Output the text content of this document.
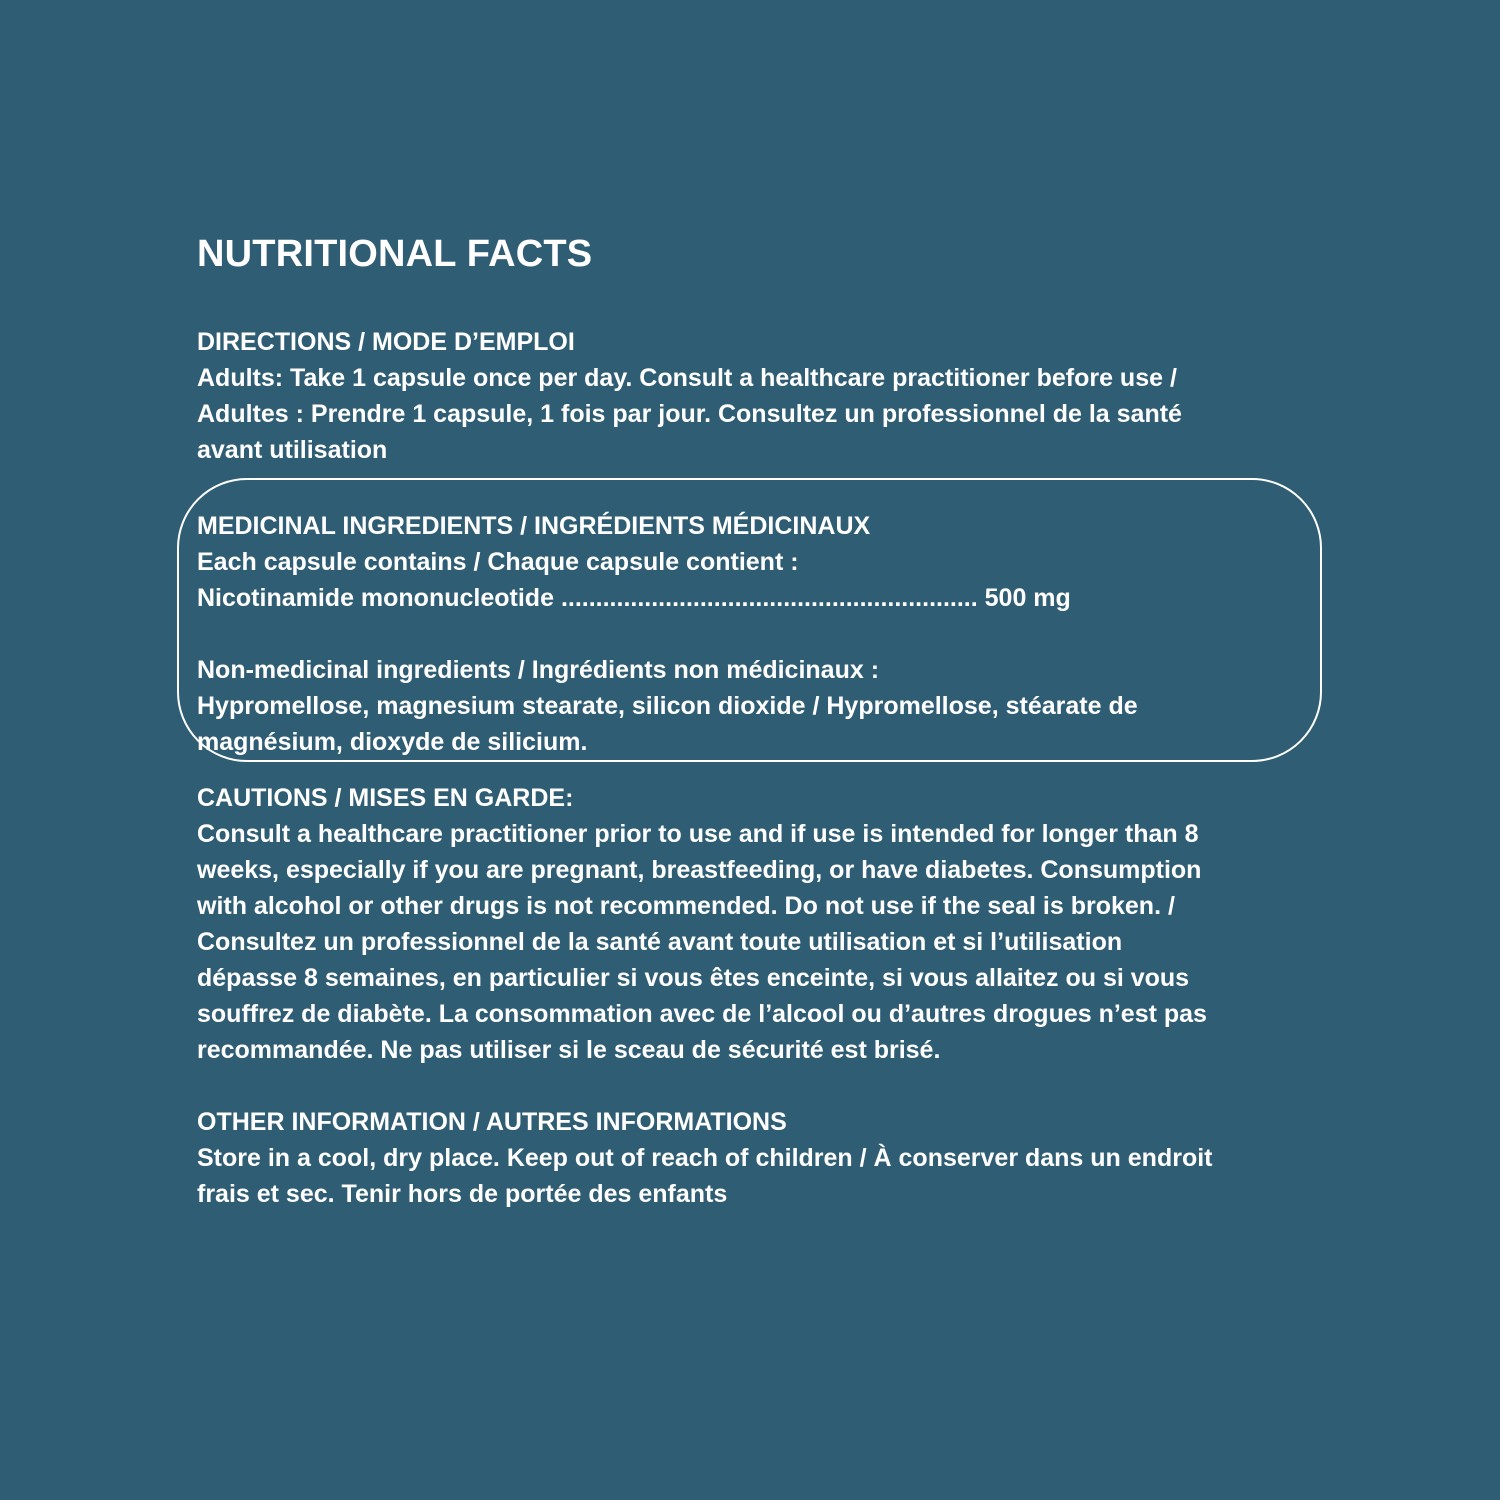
NUTRITIONAL FACTS

DIRECTIONS / MODE D’EMPLOI

Adults: Take 1 capsule once per day. Consult a healthcare practitioner before use /

Adultes : Prendre 1 capsule, 1 fois par jour. Consultez un professionnel de la santé

avant utilisation

MEDICINAL INGREDIENTS / INGRÉDIENTS MÉDICINAUX

Each capsule contains / Chaque capsule contient :

Nicotinamide mononucleotide ............................................................ 500 mg

Non-medicinal ingredients / Ingrédients non médicinaux :

Hypromellose, magnesium stearate, silicon dioxide / Hypromellose, stéarate de

magnésium, dioxyde de silicium.

CAUTIONS / MISES EN GARDE:

Consult a healthcare practitioner prior to use and if use is intended for longer than 8

weeks, especially if you are pregnant, breastfeeding, or have diabetes. Consumption

with alcohol or other drugs is not recommended. Do not use if the seal is broken. /

Consultez un professionnel de la santé avant toute utilisation et si l’utilisation

dépasse 8 semaines, en particulier si vous êtes enceinte, si vous allaitez ou si vous

souffrez de diabète. La consommation avec de l’alcool ou d’autres drogues n’est pas

recommandée. Ne pas utiliser si le sceau de sécurité est brisé.

OTHER INFORMATION / AUTRES INFORMATIONS

Store in a cool, dry place. Keep out of reach of children / À conserver dans un endroit

frais et sec. Tenir hors de portée des enfants
